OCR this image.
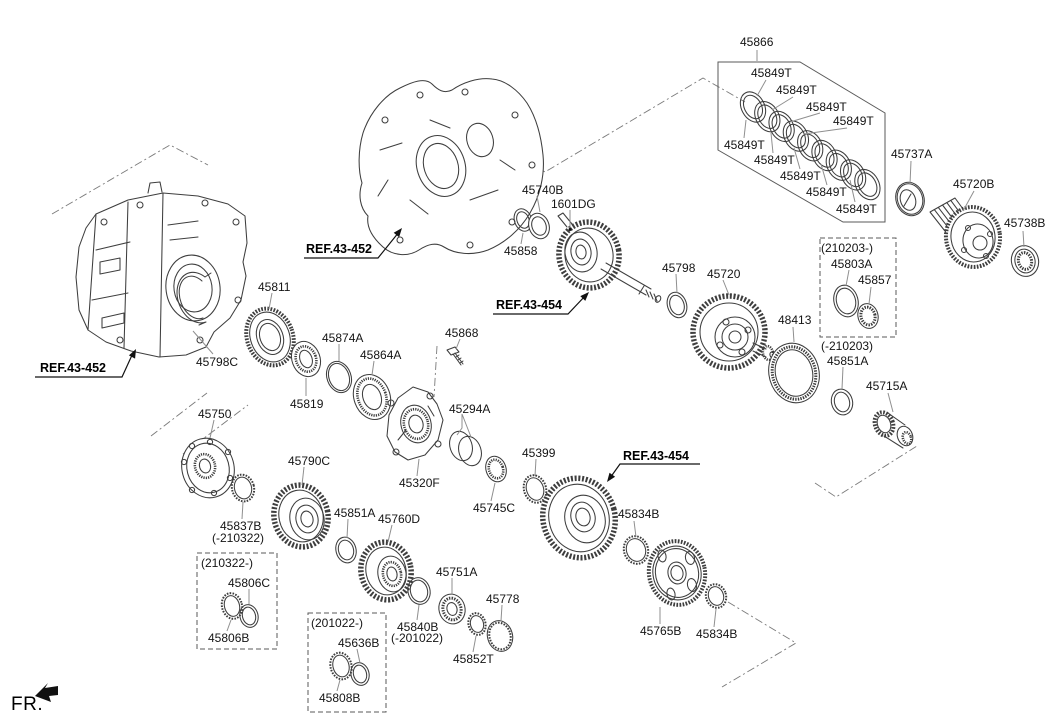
45866
45849T
45849T
45849T
45849T
45849T
45849T
45849T
45849T
45849T
45737A
45720B
45738B
45740B
1601DG
45858
REF.43-452
REF.43-452
REF.43-454
REF.43-454
45798 45720
48413
(210203-)
45803A
45857
(-210203)
45851A
45715A
45811
45798C
45874A
45864A
45819
45868
45294A
45320F
45745C
45399
45834B
45765B 45834B
45750
45837B
(-210322)
(210322-)
45806C
45806B
45790C
45851A 45760D
45751A
45778
45840B
(-201022)
45852T
(201022-)
45636B
45808B
FR.
